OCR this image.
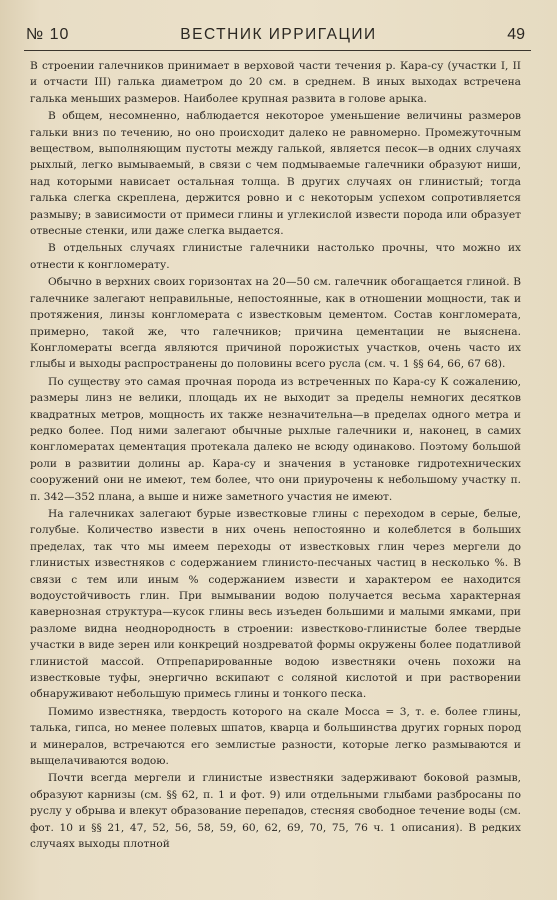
№ 10	ВЕСТНИК ИРРИГАЦИИ	49

В строении галечников принимает в верховой части течения р. Кара-су (участки I, II и отчасти III) галька диаметром до 20 см. в среднем. В иных выходах встречена галька меньших размеров. Наиболее крупная развита в голове арыка.

В общем, несомненно, наблюдается некоторое уменьшение величины размеров гальки вниз по течению, но оно происходит далеко не равномерно. Промежуточным веществом, выполняющим пустоты между галькой, является песок—в одних случаях рыхлый, легко вымываемый, в связи с чем подмываемые галечники образуют ниши, над которыми нависает остальная толща. В других случаях он глинистый; тогда галька слегка скреплена, держится ровно и с некоторым успехом сопротивляется размыву; в зависимости от примеси глины и углекислой извести порода или образует отвесные стенки, или даже слегка выдается.

В отдельных случаях глинистые галечники настолько прочны, что можно их отнести к конгломерату.

Обычно в верхних своих горизонтах на 20—50 см. галечник обогащается глиной. В галечнике залегают неправильные, непостоянные, как в отношении мощности, так и протяжения, линзы конгломерата с известковым цементом. Состав конгломерата, примерно, такой же, что галечников; причина цементации не выяснена. Конгломераты всегда являются причиной порожистых участков, очень часто их глыбы и выходы распространены до половины всего русла (см. ч. 1 §§ 64, 66, 67 68).

По существу это самая прочная порода из встреченных по Кара-су К сожалению, размеры линз не велики, площадь их не выходит за пределы немногих десятков квадратных метров, мощность их также незначительна—в пределах одного метра и редко более. Под ними залегают обычные рыхлые галечники и, наконец, в самих конгломератах цементация протекала далеко не всюду одинаково. Поэтому большой роли в развитии долины ар. Кара-су и значения в установке гидротехнических сооружений они не имеют, тем более, что они приурочены к небольшому участку п. п. 342—352 плана, а выше и ниже заметного участия не имеют.

На галечниках залегают бурые известковые глины с переходом в серые, белые, голубые. Количество извести в них очень непостоянно и колеблется в больших пределах, так что мы имеем переходы от известковых глин через мергели до глинистых известняков с содержанием глинисто-песчаных частиц в несколько %. В связи с тем или иным % содержанием извести и характером ее находится водоустойчивость глин. При вымывании водою получается весьма характерная кавернозная структура—кусок глины весь изъеден большими и малыми ямками, при разломе видна неоднородность в строении: известково-глинистые более твердые участки в виде зерен или конкреций ноздреватой формы окружены более податливой глинистой массой. Отпрепарированные водою известняки очень похожи на известковые туфы, энергично вскипают с соляной кислотой и при растворении обнаруживают небольшую примесь глины и тонкого песка.

Помимо известняка, твердость которого на скале Мосса = 3, т. е. более глины, талька, гипса, но менее полевых шпатов, кварца и большинства других горных пород и минералов, встречаются его землистые разности, которые легко размываются и выщелачиваются водою.

Почти всегда мергели и глинистые известняки задерживают боковой размыв, образуют карнизы (см. §§ 62, п. 1 и фот. 9) или отдельными глыбами разбросаны по руслу у обрыва и влекут образование перепадов, стесняя свободное течение воды (см. фот. 10 и §§ 21, 47, 52, 56, 58, 59, 60, 62, 69, 70, 75, 76 ч. 1 описания). В редких случаях выходы плотной
